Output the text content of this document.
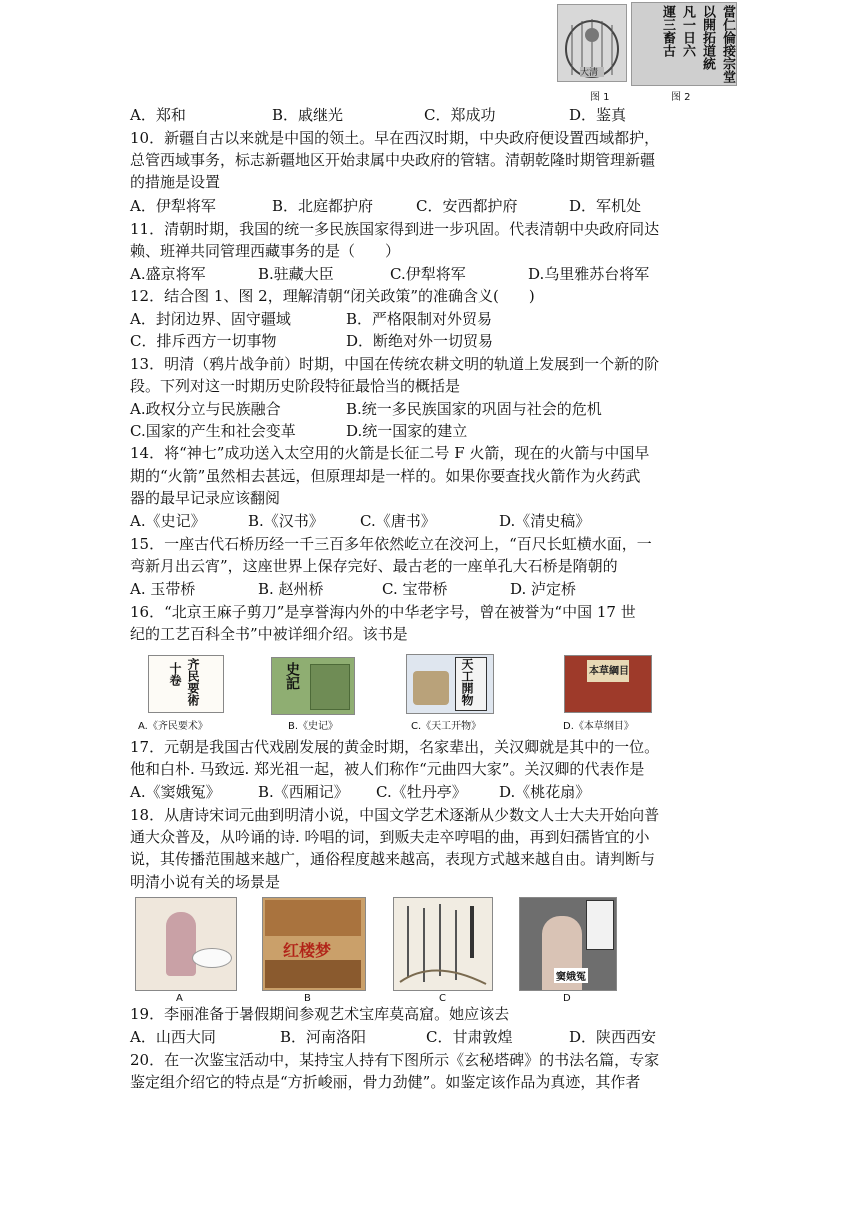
大清	當仁倫接宗堂
以開拓道統
凡一日六
運三畜古
图 1	图 2
A．郑和	B．戚继光	C．郑成功	D．鉴真
10．新疆自古以来就是中国的领土。早在西汉时期，中央政府便设置西域都护，
总管西域事务，标志新疆地区开始隶属中央政府的管辖。清朝乾隆时期管理新疆
的措施是设置
A．伊犁将军	B．北庭都护府	C．安西都护府	D．军机处
11．清朝时期，我国的统一多民族国家得到进一步巩固。代表清朝中央政府同达
赖、班禅共同管理西藏事务的是（　　）
A.盛京将军	B.驻藏大臣	C.伊犁将军	D.乌里雅苏台将军
12．结合图 1、图 2，理解清朝“闭关政策”的准确含义(　　)
A．封闭边界、固守疆域	B．严格限制对外贸易
C．排斥西方一切事物	D．断绝对外一切贸易
13．明清（鸦片战争前）时期，中国在传统农耕文明的轨道上发展到一个新的阶
段。下列对这一时期历史阶段特征最恰当的概括是
A.政权分立与民族融合	B.统一多民族国家的巩固与社会的危机
C.国家的产生和社会变革	D.统一国家的建立
14．将“神七”成功送入太空用的火箭是长征二号 F 火箭，现在的火箭与中国早
期的“火箭”虽然相去甚远，但原理却是一样的。如果你要查找火箭作为火药武
器的最早记录应该翻阅
A.《史记》	B.《汉书》 C.《唐书》	D.《清史稿》
15．一座古代石桥历经一千三百多年依然屹立在洨河上，“百尺长虹横水面，一
弯新月出云宵”，这座世界上保存完好、最古老的一座单孔大石桥是隋朝的
A. 玉带桥	B. 赵州桥	C. 宝带桥	D. 泸定桥
16．“北京王麻子剪刀”是享誉海内外的中华老字号，曾在被誉为“中国 17 世
纪的工艺百科全书”中被详细介绍。该书是
齐民要術
十卷
A.《齐民要术》
史記
B.《史记》
天工開物
C.《天工开物》
本草綱目
D.《本草纲目》
17．元朝是我国古代戏剧发展的黄金时期，名家辈出，关汉卿就是其中的一位。
他和白朴. 马致远. 郑光祖一起，被人们称作“元曲四大家”。关汉卿的代表作是
A.《窦娥冤》 B.《西厢记》 C.《牡丹亭》 D.《桃花扇》
18．从唐诗宋词元曲到明清小说，中国文学艺术逐渐从少数文人士大夫开始向普
通大众普及，从吟诵的诗. 吟唱的词，到贩夫走卒哼唱的曲，再到妇孺皆宜的小
说，其传播范围越来越广，通俗程度越来越高，表现方式越来越自由。请判断与
明清小说有关的场景是
A
红楼梦
B	C
窦娥冤
D
19．李丽准备于暑假期间参观艺术宝库莫高窟。她应该去
A．山西大同	B．河南洛阳	C．甘肃敦煌	D．陕西西安
20．在一次鉴宝活动中，某持宝人持有下图所示《玄秘塔碑》的书法名篇，专家
鉴定组介绍它的特点是“方折峻丽，骨力劲健”。如鉴定该作品为真迹，其作者
